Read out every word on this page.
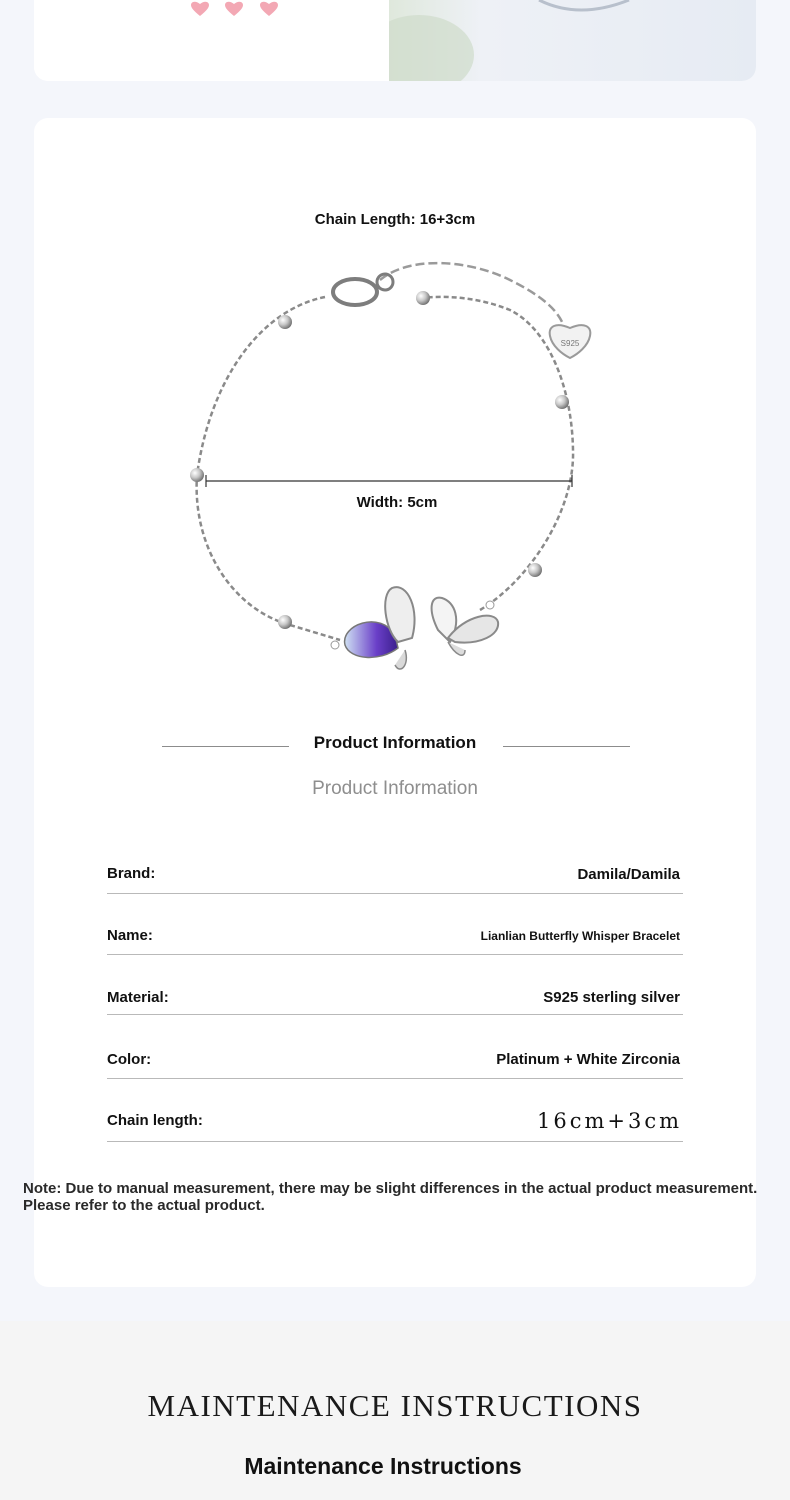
Chain Length: 16+3cm
S925
Width: 5cm
Product Information
Product Information
Brand:	Damila/Damila
Name:	Lianlian Butterfly Whisper Bracelet
Material:	S925 sterling silver
Color:	Platinum + White Zirconia
Chain length:	16cm+3cm
Note: Due to manual measurement, there may be slight differences in the actual product measurement. Please refer to the actual product.
MAINTENANCE INSTRUCTIONS
Maintenance Instructions
